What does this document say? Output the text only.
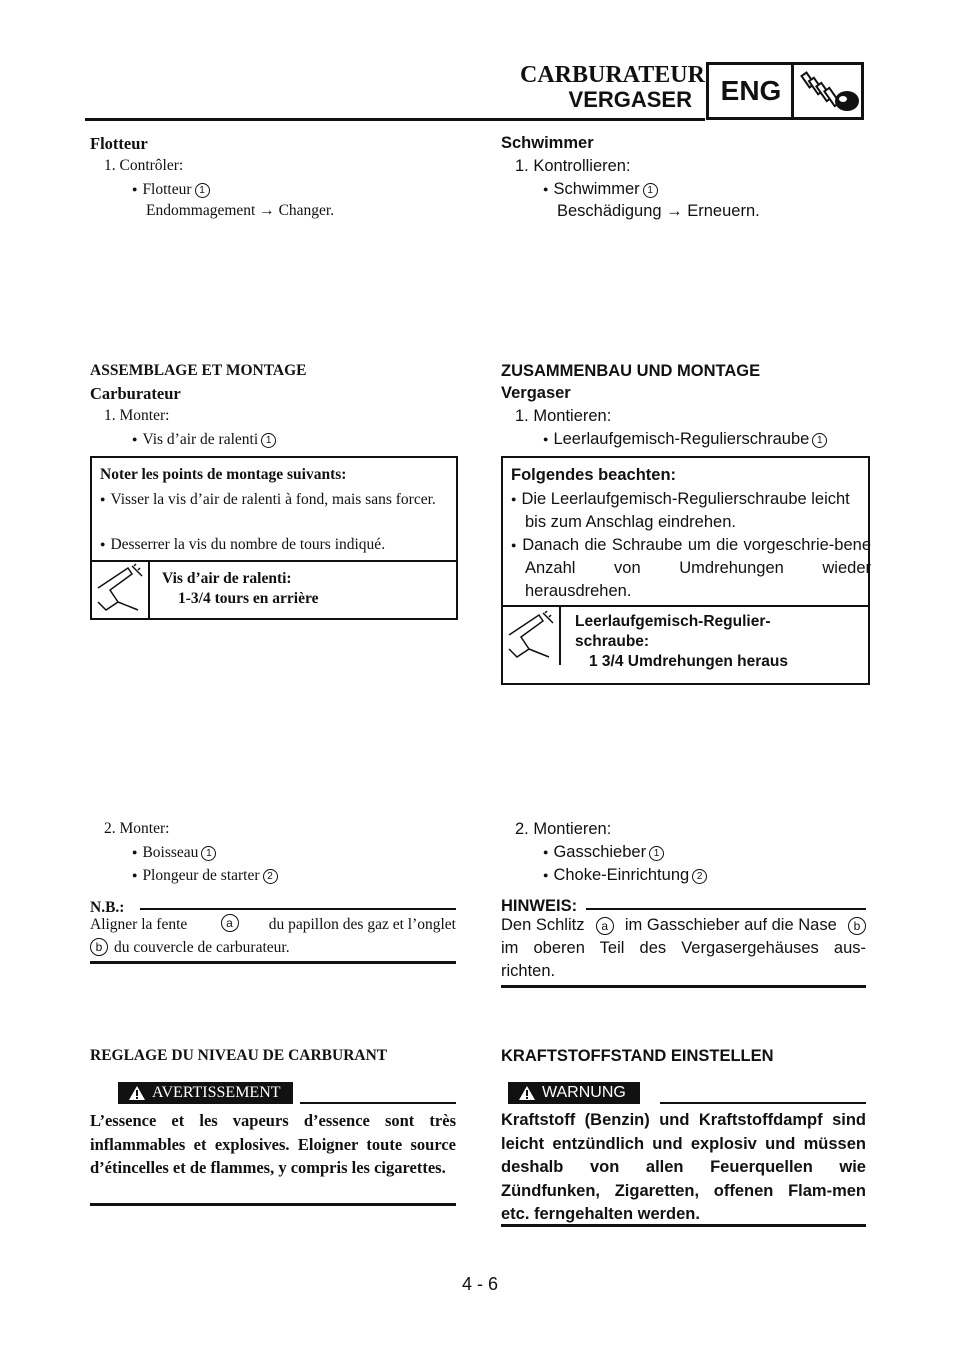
CARBURATEUR
VERGASER ENG
Flotteur
1. Contrôler:
● Flotteur 1
Endommagement → Changer.
ASSEMBLAGE ET MONTAGE
Carburateur
1. Monter:
● Vis d’air de ralenti 1
Noter les points de montage suivants:
● Visser la vis d’air de ralenti à fond, mais sans forcer.
● Desserrer la vis du nombre de tours indiqué.
Vis d’air de ralenti:
1-3/4 tours en arrière
2. Monter:
● Boisseau 1
● Plongeur de starter 2
N.B.:
Aligner la fente	a	du papillon des gaz et l’onglet
b du couvercle de carburateur.
REGLAGE DU NIVEAU DE CARBURANT
AVERTISSEMENT
L’essence et les vapeurs d’essence sont très inflammables et explosives. Eloigner toute source d’étincelles et de flammes, y compris les cigarettes.
Schwimmer
1. Kontrollieren:
● Schwimmer 1
Beschädigung → Erneuern.
ZUSAMMENBAU UND MONTAGE
Vergaser
1. Montieren:
● Leerlaufgemisch-Regulierschraube 1
Folgendes beachten:
● Die Leerlaufgemisch-Regulierschraube leicht bis zum Anschlag eindrehen.
● Danach die Schraube um die vorgeschrie-bene Anzahl von Umdrehungen wieder herausdrehen.
Leerlaufgemisch-Regulier-
schraube:
1 3/4 Umdrehungen heraus
2. Montieren:
● Gasschieber 1
● Choke-Einrichtung 2
HINWEIS:
Den Schlitz	a	im Gasschieber auf die Nase	b
im oberen Teil des Vergasergehäuses aus-richten.
KRAFTSTOFFSTAND EINSTELLEN
WARNUNG
Kraftstoff (Benzin) und Kraftstoffdampf sind leicht entzündlich und explosiv und müssen deshalb von allen Feuerquellen wie Zündfunken, Zigaretten, offenen Flam-men etc. ferngehalten werden.
4 - 6
